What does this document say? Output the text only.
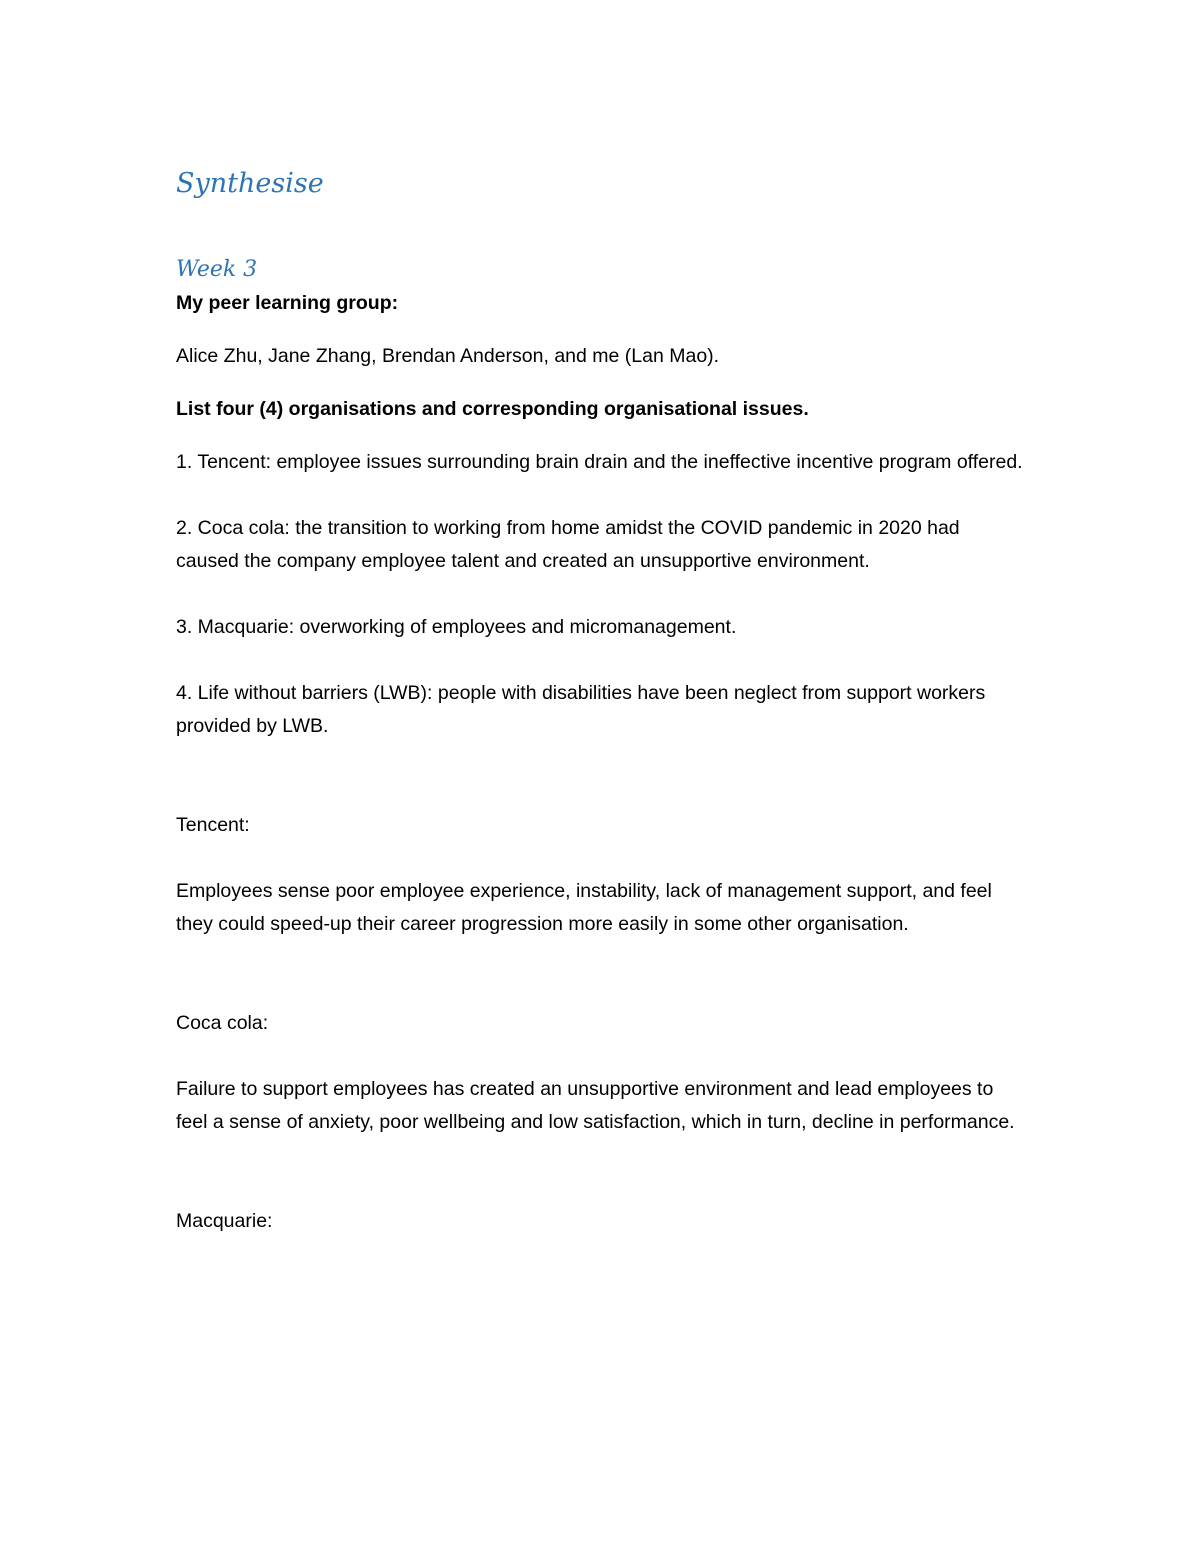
Synthesise
Week 3

My peer learning group:

Alice Zhu, Jane Zhang, Brendan Anderson, and me (Lan Mao).

List four (4) organisations and corresponding organisational issues.

1. Tencent: employee issues surrounding brain drain and the ineffective incentive program offered.

2. Coca cola: the transition to working from home amidst the COVID pandemic in 2020 had caused the company employee talent and created an unsupportive environment.

3. Macquarie: overworking of employees and micromanagement.

4. Life without barriers (LWB): people with disabilities have been neglect from support workers provided by LWB.

Tencent:

Employees sense poor employee experience, instability, lack of management support, and feel they could speed-up their career progression more easily in some other organisation.

Coca cola:

Failure to support employees has created an unsupportive environment and lead employees to feel a sense of anxiety, poor wellbeing and low satisfaction, which in turn, decline in performance.

Macquarie:
